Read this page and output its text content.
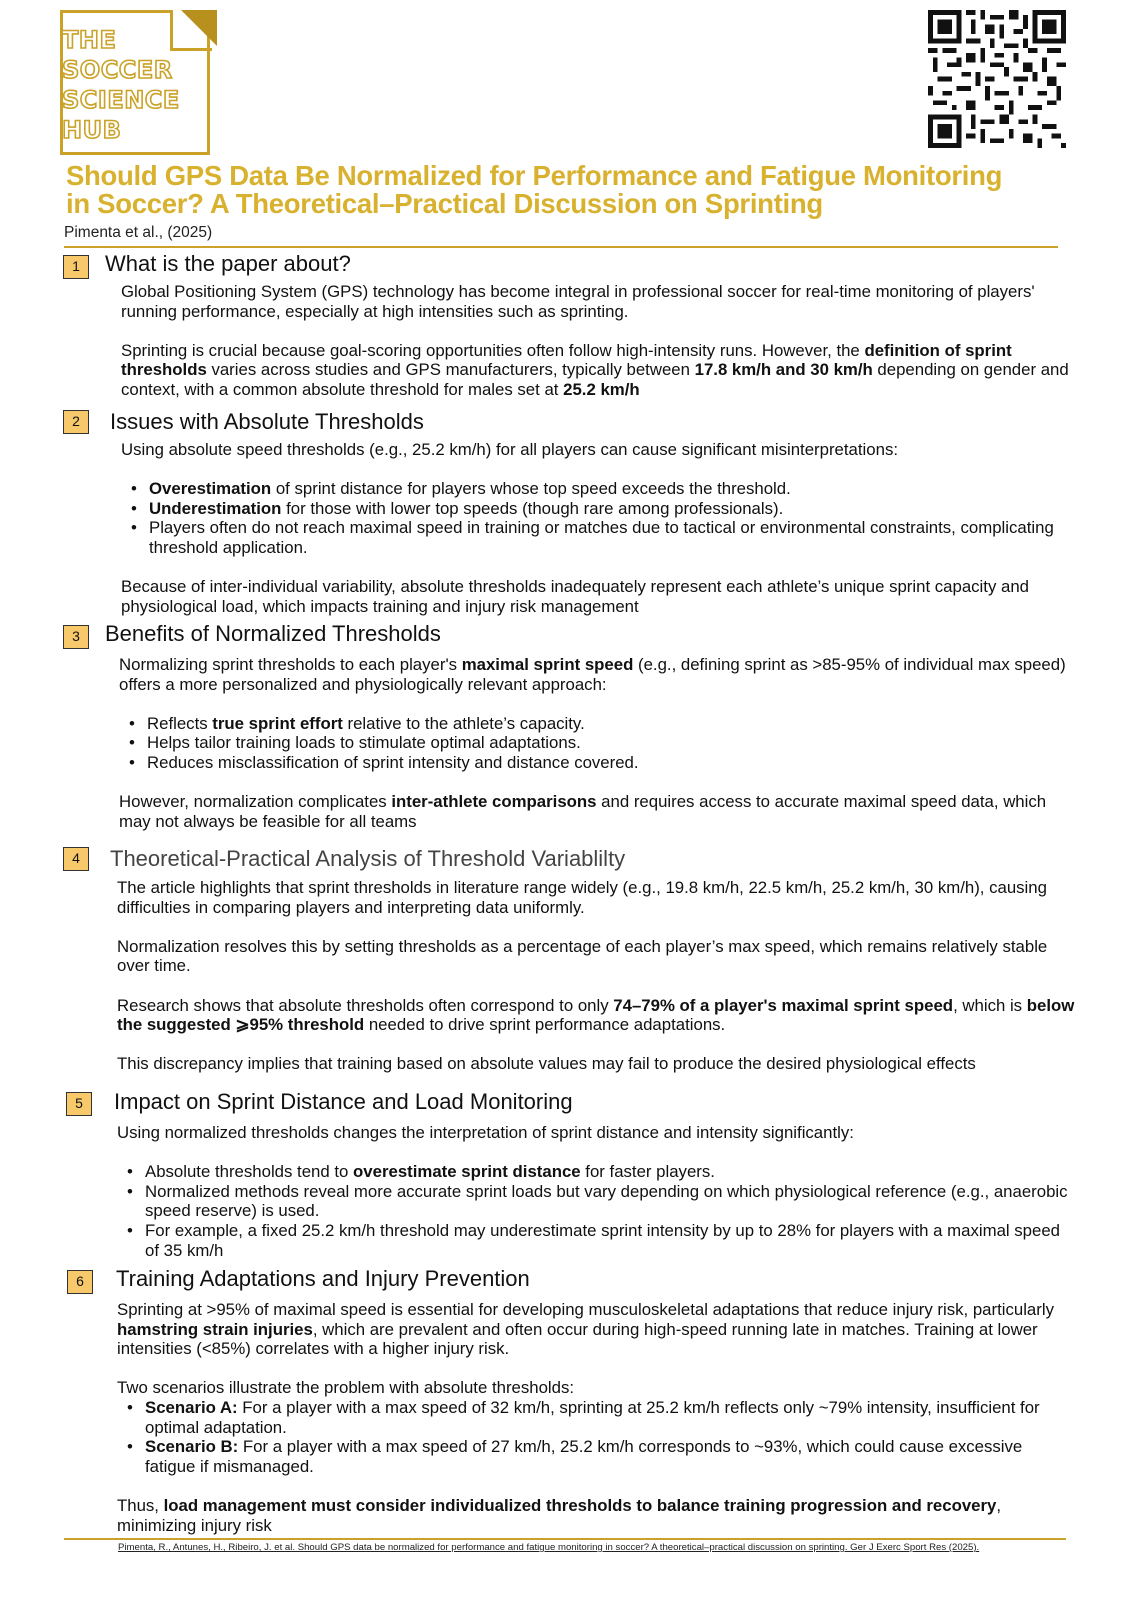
THE
SOCCER
SCIENCE
HUB
Should GPS Data Be Normalized for Performance and Fatigue Monitoring
in Soccer? A Theoretical–Practical Discussion on Sprinting
Pimenta et al., (2025)
1	What is the paper about?

Global Positioning System (GPS) technology has become integral in professional soccer for real-time monitoring of players' running performance, especially at high intensities such as sprinting.

Sprinting is crucial because goal-scoring opportunities often follow high-intensity runs. However, the definition of sprint thresholds varies across studies and GPS manufacturers, typically between 17.8 km/h and 30 km/h depending on gender and context, with a common absolute threshold for males set at 25.2 km/h

2	Issues with Absolute Thresholds

Using absolute speed thresholds (e.g., 25.2 km/h) for all players can cause significant misinterpretations:

• Overestimation of sprint distance for players whose top speed exceeds the threshold.
• Underestimation for those with lower top speeds (though rare among professionals).
• Players often do not reach maximal speed in training or matches due to tactical or environmental constraints, complicating threshold application.

Because of inter-individual variability, absolute thresholds inadequately represent each athlete’s unique sprint capacity and physiological load, which impacts training and injury risk management

3	Benefits of Normalized Thresholds

Normalizing sprint thresholds to each player's maximal sprint speed (e.g., defining sprint as >85-95% of individual max speed) offers a more personalized and physiologically relevant approach:

• Reflects true sprint effort relative to the athlete’s capacity.
• Helps tailor training loads to stimulate optimal adaptations.
• Reduces misclassification of sprint intensity and distance covered.

However, normalization complicates inter-athlete comparisons and requires access to accurate maximal speed data, which may not always be feasible for all teams

4	Theoretical-Practical Analysis of Threshold Variablilty

The article highlights that sprint thresholds in literature range widely (e.g., 19.8 km/h, 22.5 km/h, 25.2 km/h, 30 km/h), causing difficulties in comparing players and interpreting data uniformly.

Normalization resolves this by setting thresholds as a percentage of each player’s max speed, which remains relatively stable over time.

Research shows that absolute thresholds often correspond to only 74–79% of a player's maximal sprint speed, which is below the suggested ⩾95% threshold needed to drive sprint performance adaptations.

This discrepancy implies that training based on absolute values may fail to produce the desired physiological effects

5	Impact on Sprint Distance and Load Monitoring

Using normalized thresholds changes the interpretation of sprint distance and intensity significantly:

• Absolute thresholds tend to overestimate sprint distance for faster players.
• Normalized methods reveal more accurate sprint loads but vary depending on which physiological reference (e.g., anaerobic speed reserve) is used.
• For example, a fixed 25.2 km/h threshold may underestimate sprint intensity by up to 28% for players with a maximal speed of 35 km/h
6	Training Adaptations and Injury Prevention

Sprinting at >95% of maximal speed is essential for developing musculoskeletal adaptations that reduce injury risk, particularly hamstring strain injuries, which are prevalent and often occur during high-speed running late in matches. Training at lower intensities (<85%) correlates with a higher injury risk.

Two scenarios illustrate the problem with absolute thresholds:

• Scenario A: For a player with a max speed of 32 km/h, sprinting at 25.2 km/h reflects only ~79% intensity, insufficient for optimal adaptation.
• Scenario B: For a player with a max speed of 27 km/h, 25.2 km/h corresponds to ~93%, which could cause excessive fatigue if mismanaged.

Thus, load management must consider individualized thresholds to balance training progression and recovery, minimizing injury risk

Pimenta, R., Antunes, H., Ribeiro, J. et al. Should GPS data be normalized for performance and fatigue monitoring in soccer? A theoretical–practical discussion on sprinting. Ger J Exerc Sport Res (2025).
